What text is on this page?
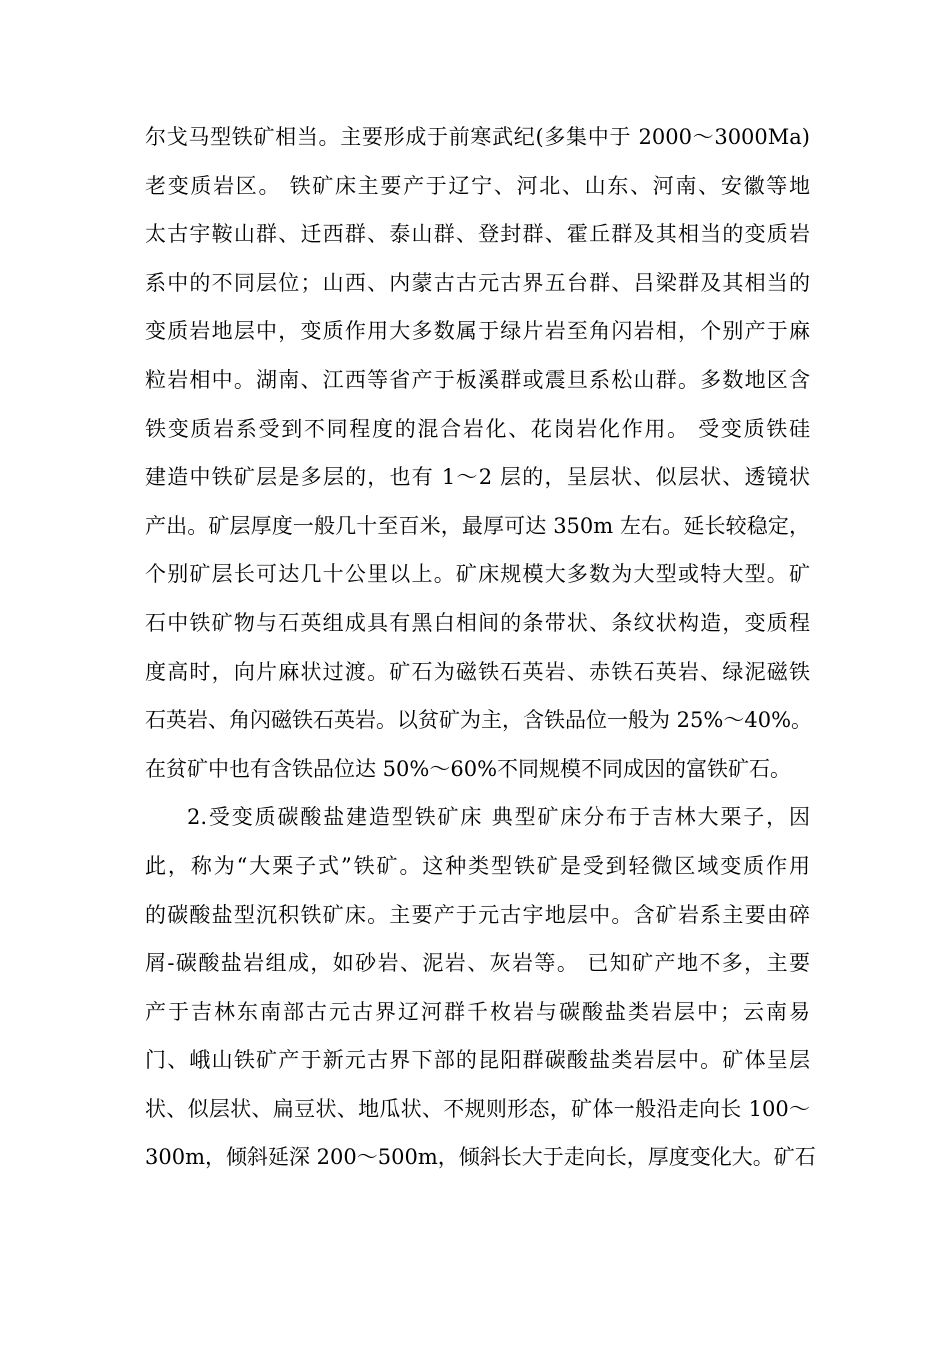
尔戈马型铁矿相当。主要形成于前寒武纪(多集中于 2000～3000Ma)
老变质岩区。 铁矿床主要产于辽宁、河北、山东、河南、安徽等地
太古宇鞍山群、迁西群、泰山群、登封群、霍丘群及其相当的变质岩
系中的不同层位；山西、内蒙古古元古界五台群、吕梁群及其相当的
变质岩地层中，变质作用大多数属于绿片岩至角闪岩相，个别产于麻
粒岩相中。湖南、江西等省产于板溪群或震旦系松山群。多数地区含
铁变质岩系受到不同程度的混合岩化、花岗岩化作用。 受变质铁硅
建造中铁矿层是多层的，也有 1～2 层的，呈层状、似层状、透镜状
产出。矿层厚度一般几十至百米，最厚可达 350m 左右。延长较稳定，
个别矿层长可达几十公里以上。矿床规模大多数为大型或特大型。矿
石中铁矿物与石英组成具有黑白相间的条带状、条纹状构造，变质程
度高时，向片麻状过渡。矿石为磁铁石英岩、赤铁石英岩、绿泥磁铁
石英岩、角闪磁铁石英岩。以贫矿为主，含铁品位一般为 25%～40%。
在贫矿中也有含铁品位达 50%～60%不同规模不同成因的富铁矿石。
2.受变质碳酸盐建造型铁矿床 典型矿床分布于吉林大栗子，因
此，称为“大栗子式”铁矿。这种类型铁矿是受到轻微区域变质作用
的碳酸盐型沉积铁矿床。主要产于元古宇地层中。含矿岩系主要由碎
屑-碳酸盐岩组成，如砂岩、泥岩、灰岩等。 已知矿产地不多，主要
产于吉林东南部古元古界辽河群千枚岩与碳酸盐类岩层中；云南易
门、峨山铁矿产于新元古界下部的昆阳群碳酸盐类岩层中。矿体呈层
状、似层状、扁豆状、地瓜状、不规则形态，矿体一般沿走向长 100～
300m，倾斜延深 200～500m，倾斜长大于走向长，厚度变化大。矿石
